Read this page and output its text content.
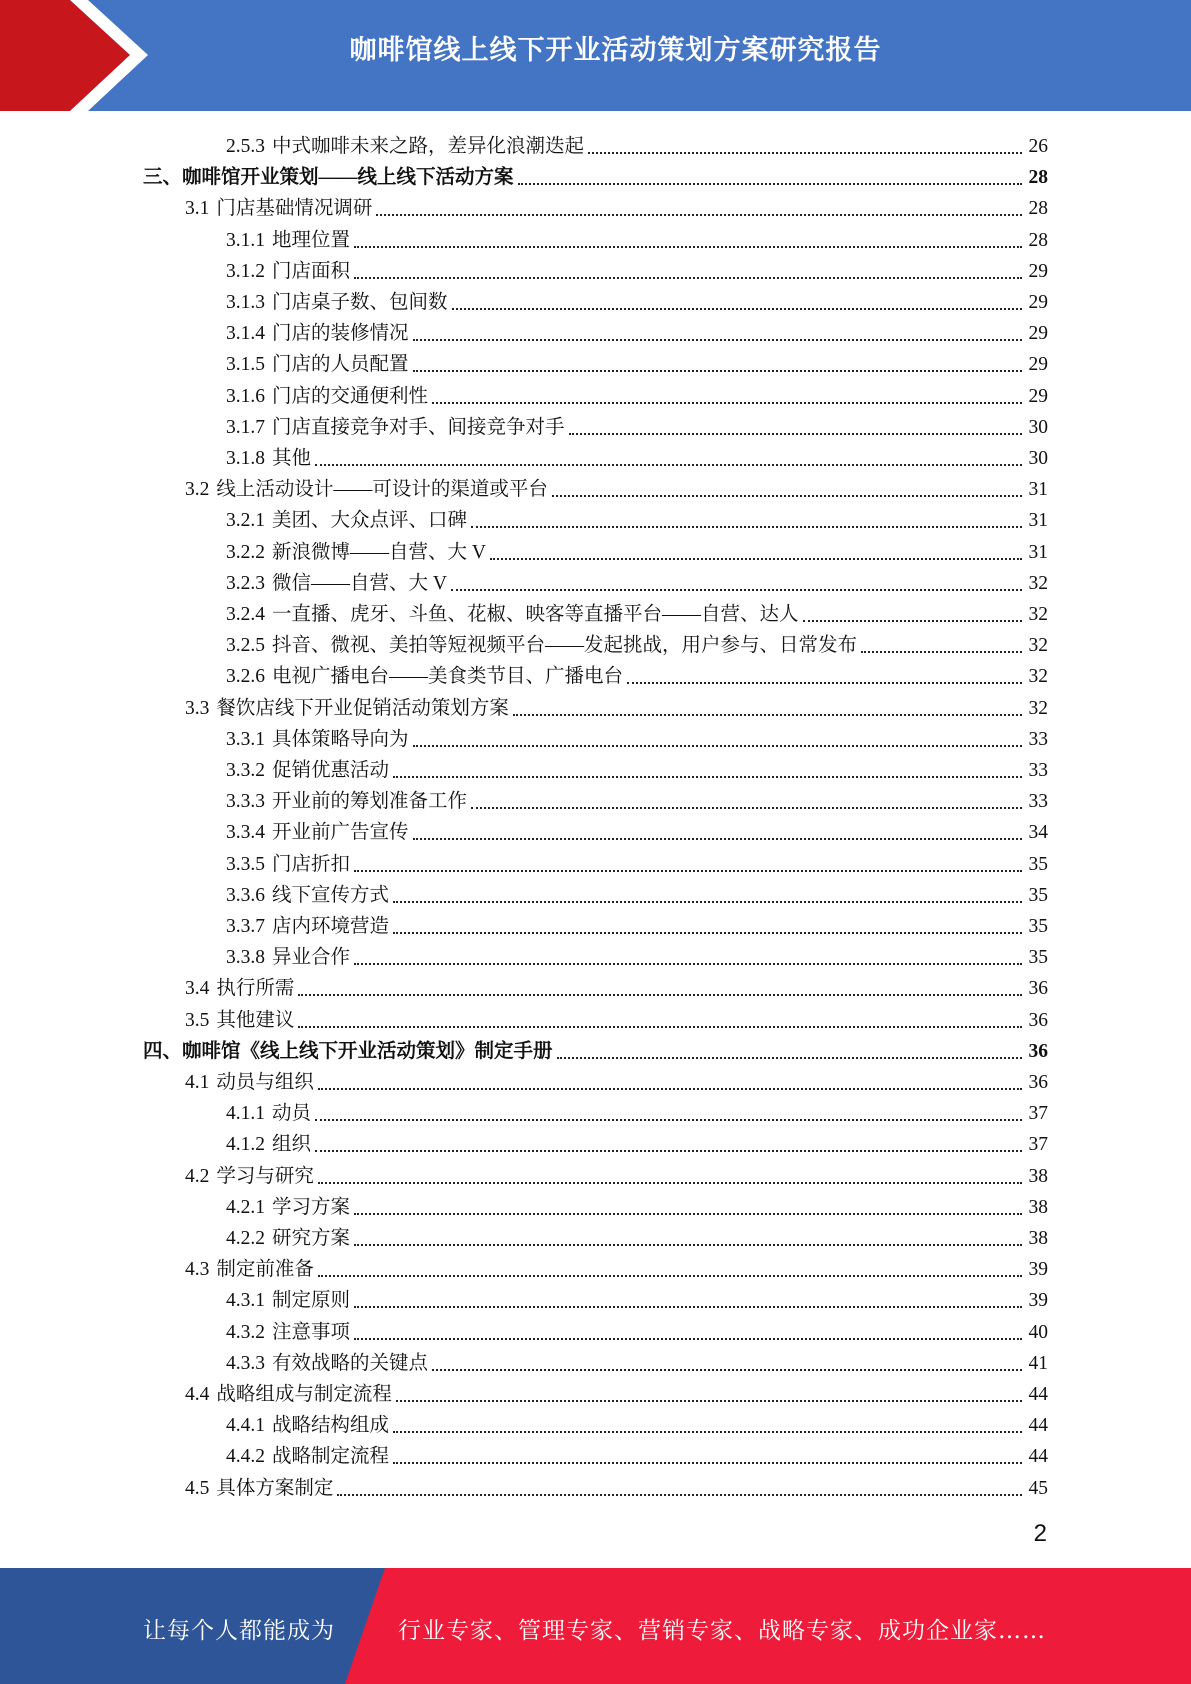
咖啡馆线上线下开业活动策划方案研究报告
2.5.3 中式咖啡未来之路，差异化浪潮迭起	26
三、咖啡馆开业策划——线上线下活动方案	28
3.1 门店基础情况调研	28
3.1.1 地理位置	28
3.1.2 门店面积	29
3.1.3 门店桌子数、包间数	29
3.1.4 门店的装修情况	29
3.1.5 门店的人员配置	29
3.1.6 门店的交通便利性	29
3.1.7 门店直接竞争对手、间接竞争对手	30
3.1.8 其他	30
3.2 线上活动设计——可设计的渠道或平台	31
3.2.1 美团、大众点评、口碑	31
3.2.2 新浪微博——自营、大 V	31
3.2.3 微信——自营、大 V	32
3.2.4 一直播、虎牙、斗鱼、花椒、映客等直播平台——自营、达人	32
3.2.5 抖音、微视、美拍等短视频平台——发起挑战，用户参与、日常发布	32
3.2.6 电视广播电台——美食类节目、广播电台	32
3.3 餐饮店线下开业促销活动策划方案	32
3.3.1 具体策略导向为	33
3.3.2 促销优惠活动	33
3.3.3 开业前的筹划准备工作	33
3.3.4 开业前广告宣传	34
3.3.5 门店折扣	35
3.3.6 线下宣传方式	35
3.3.7 店内环境营造	35
3.3.8 异业合作	35
3.4 执行所需	36
3.5 其他建议	36
四、咖啡馆《线上线下开业活动策划》制定手册	36
4.1 动员与组织	36
4.1.1 动员	37
4.1.2 组织	37
4.2 学习与研究	38
4.2.1 学习方案	38
4.2.2 研究方案	38
4.3 制定前准备	39
4.3.1 制定原则	39
4.3.2 注意事项	40
4.3.3 有效战略的关键点	41
4.4 战略组成与制定流程	44
4.4.1 战略结构组成	44
4.4.2 战略制定流程	44
4.5 具体方案制定	45
2
让每个人都能成为	行业专家、管理专家、营销专家、战略专家、成功企业家……
